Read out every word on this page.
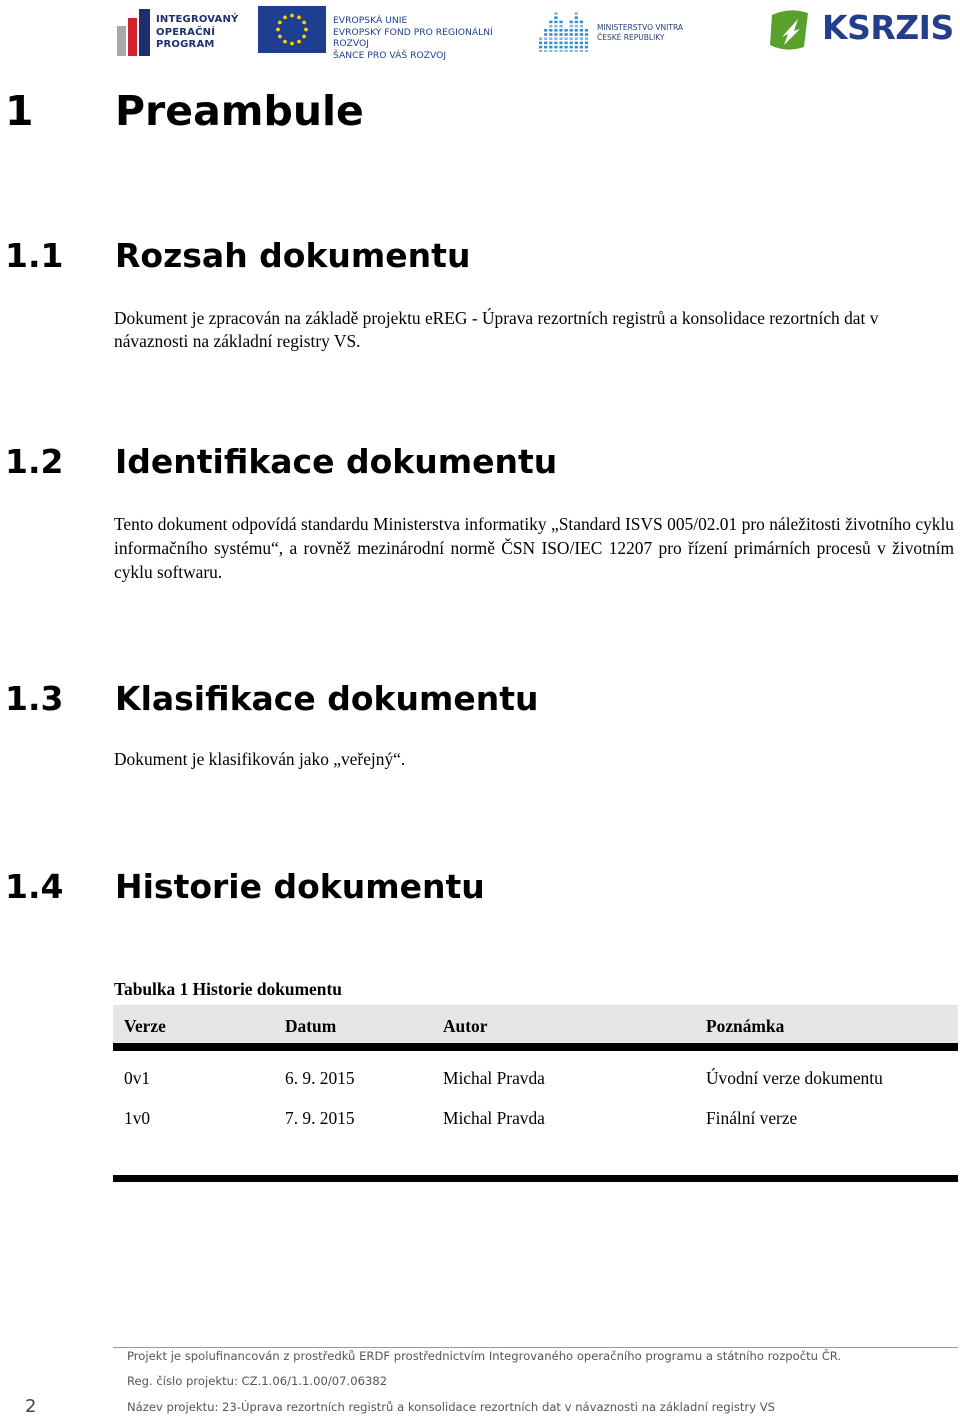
INTEGROVANÝ
OPERAČNÍ
PROGRAM
EVROPSKÁ UNIE
EVROPSKÝ FOND PRO REGIONÁLNÍ ROZVOJ
ŠANCE PRO VÁŠ ROZVOJ
MINISTERSTVO VNITRA
ČESKÉ REPUBLIKY	KSRZIS
1 Preambule
1.1 Rozsah dokumentu
Dokument je zpracován na základě projektu eREG - Úprava rezortních registrů a konsolidace rezortních dat v návaznosti na základní registry VS.
1.2 Identifikace dokumentu
Tento dokument odpovídá standardu Ministerstva informatiky „Standard ISVS 005/02.01 pro náležitosti životního cyklu informačního systému“, a rovněž mezinárodní normě ČSN ISO/IEC 12207 pro řízení primárních procesů v životním cyklu softwaru.
1.3 Klasifikace dokumentu
Dokument je klasifikován jako „veřejný“.
1.4 Historie dokumentu
Tabulka 1 Historie dokumentu
Verze	Datum	Autor	Poznámka
0v1	6. 9. 2015	Michal Pravda	Úvodní verze dokumentu
1v0	7. 9. 2015	Michal Pravda	Finální verze
Projekt je spolufinancován z prostředků ERDF prostřednictvím Integrovaného operačního programu a státního rozpočtu ČR.
Reg. číslo projektu: CZ.1.06/1.1.00/07.06382
Název projektu: 23-Úprava rezortních registrů a konsolidace rezortních dat v návaznosti na základní registry VS
2
